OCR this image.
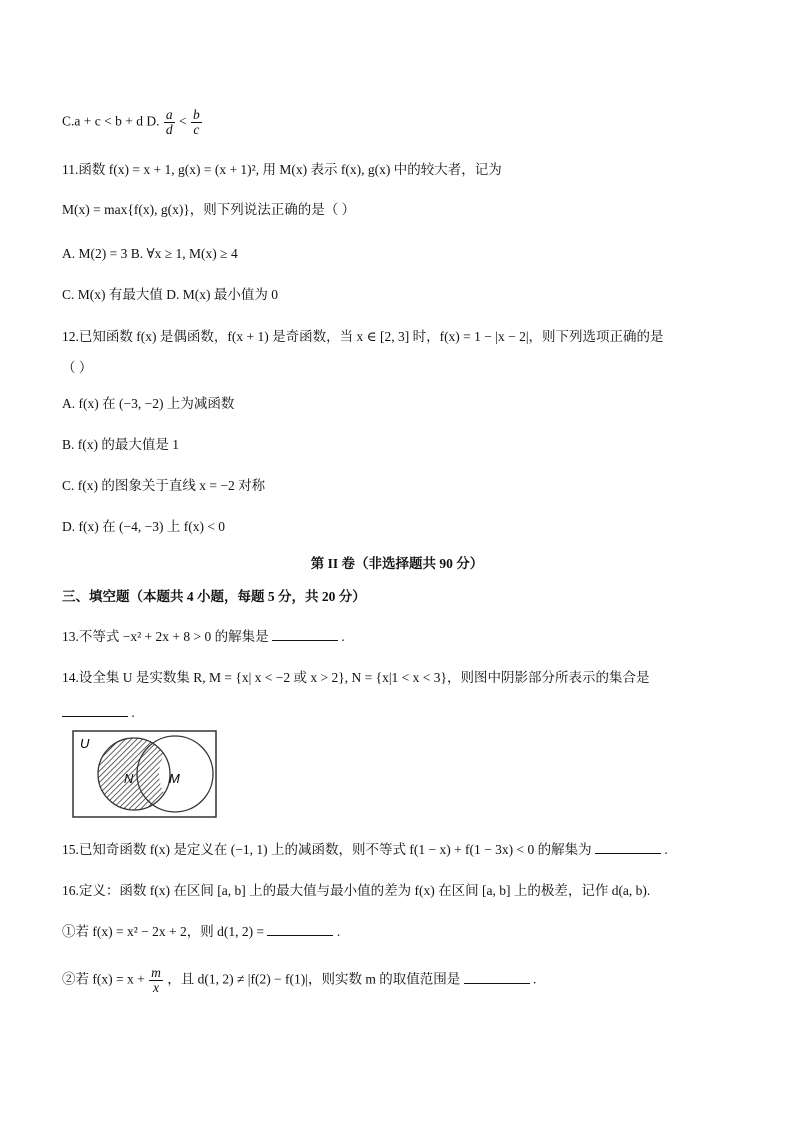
C.a + c < b + d D. $\frac{a}{d} < \frac{b}{c}$
11.函数 f(x) = x + 1, g(x) = (x + 1)², 用 M(x) 表示 f(x), g(x) 中的较大者，记为
M(x) = max{f(x), g(x)}，则下列说法正确的是（ ）
A. M(2) = 3 B. ∀x ≥ 1, M(x) ≥ 4
C. M(x) 有最大值 D. M(x) 最小值为 0
12.已知函数 f(x) 是偶函数，f(x + 1) 是奇函数，当 x ∈ [2, 3] 时，f(x) = 1 − |x − 2|，则下列选项正确的是
（ ）
A. f(x) 在 (−3, −2) 上为减函数
B. f(x) 的最大值是 1
C. f(x) 的图象关于直线 x = −2 对称
D. f(x) 在 (−4, −3) 上 f(x) < 0
第 II 卷（非选择题共 90 分）
三、填空题（本题共 4 小题，每题 5 分，共 20 分）
13.不等式 −x² + 2x + 8 > 0 的解集是	.
14.设全集 U 是实数集 R, M = {x| x < −2 或 x > 2}, N = {x|1 < x < 3}，则图中阴影部分所表示的集合是
.
U
N	M
15.已知奇函数 f(x) 是定义在 (−1, 1) 上的减函数，则不等式 f(1 − x) + f(1 − 3x) < 0 的解集为	.
16.定义：函数 f(x) 在区间 [a, b] 上的最大值与最小值的差为 f(x) 在区间 [a, b] 上的极差，记作 d(a, b).
①若 f(x) = x² − 2x + 2，则 d(1, 2) =	.
②若 $f(x) = x + \frac{m}{x}$ ，且 d(1, 2) ≠ |f(2) − f(1)|，则实数 m 的取值范围是	.
